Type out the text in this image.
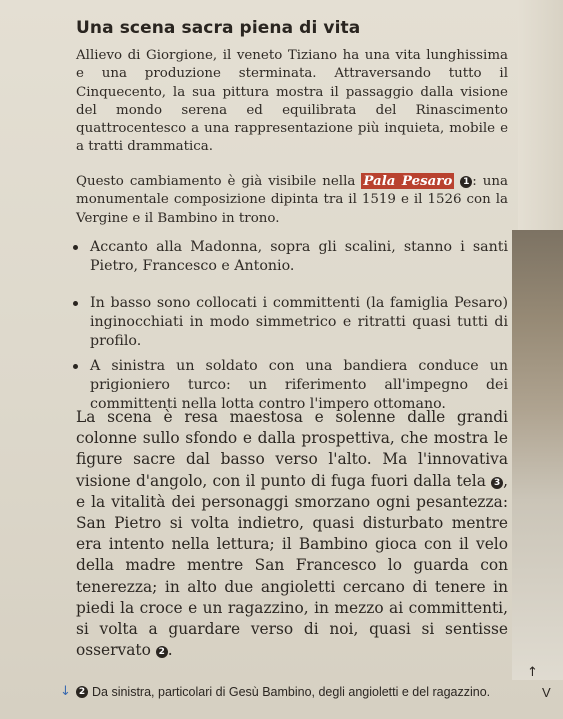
Una scena sacra piena di vita

Allievo di Giorgione, il veneto Tiziano ha una vita lunghissima e una produzione sterminata. Attraversando tutto il Cinquecento, la sua pittura mostra il passaggio dalla visione del mondo serena ed equilibrata del Rinascimento quattrocentesco a una rappresentazione più inquieta, mobile e a tratti drammatica.

Questo cambiamento è già visibile nella Pala Pesaro 1 : una monumentale composizione dipinta tra il 1519 e il 1526 con la Vergine e il Bambino in trono.

Accanto alla Madonna, sopra gli scalini, stanno i santi Pietro, Francesco e Antonio.
In basso sono collocati i committenti (la famiglia Pesaro) inginocchiati in modo simmetrico e ritratti quasi tutti di profilo.
A sinistra un soldato con una bandiera conduce un prigioniero turco: un riferimento all'impegno dei committenti nella lotta contro l'impero ottomano.

La scena è resa maestosa e solenne dalle grandi colonne sullo sfondo e dalla prospettiva, che mostra le figure sacre dal basso verso l'alto. Ma l'innovativa visione d'angolo, con il punto di fuga fuori dalla tela 3 , e la vitalità dei personaggi smorzano ogni pesantezza: San Pietro si volta indietro, quasi disturbato mentre era intento nella lettura; il Bambino gioca con il velo della madre mentre San Francesco lo guarda con tenerezza; in alto due angioletti cercano di tenere in piedi la croce e un ragazzino, in mezzo ai committenti, si volta a guardare verso di noi, quasi si sentisse osservato 2 .

↓ 2 Da sinistra, particolari di Gesù Bambino, degli angioletti e del ragazzino.
↑
V
